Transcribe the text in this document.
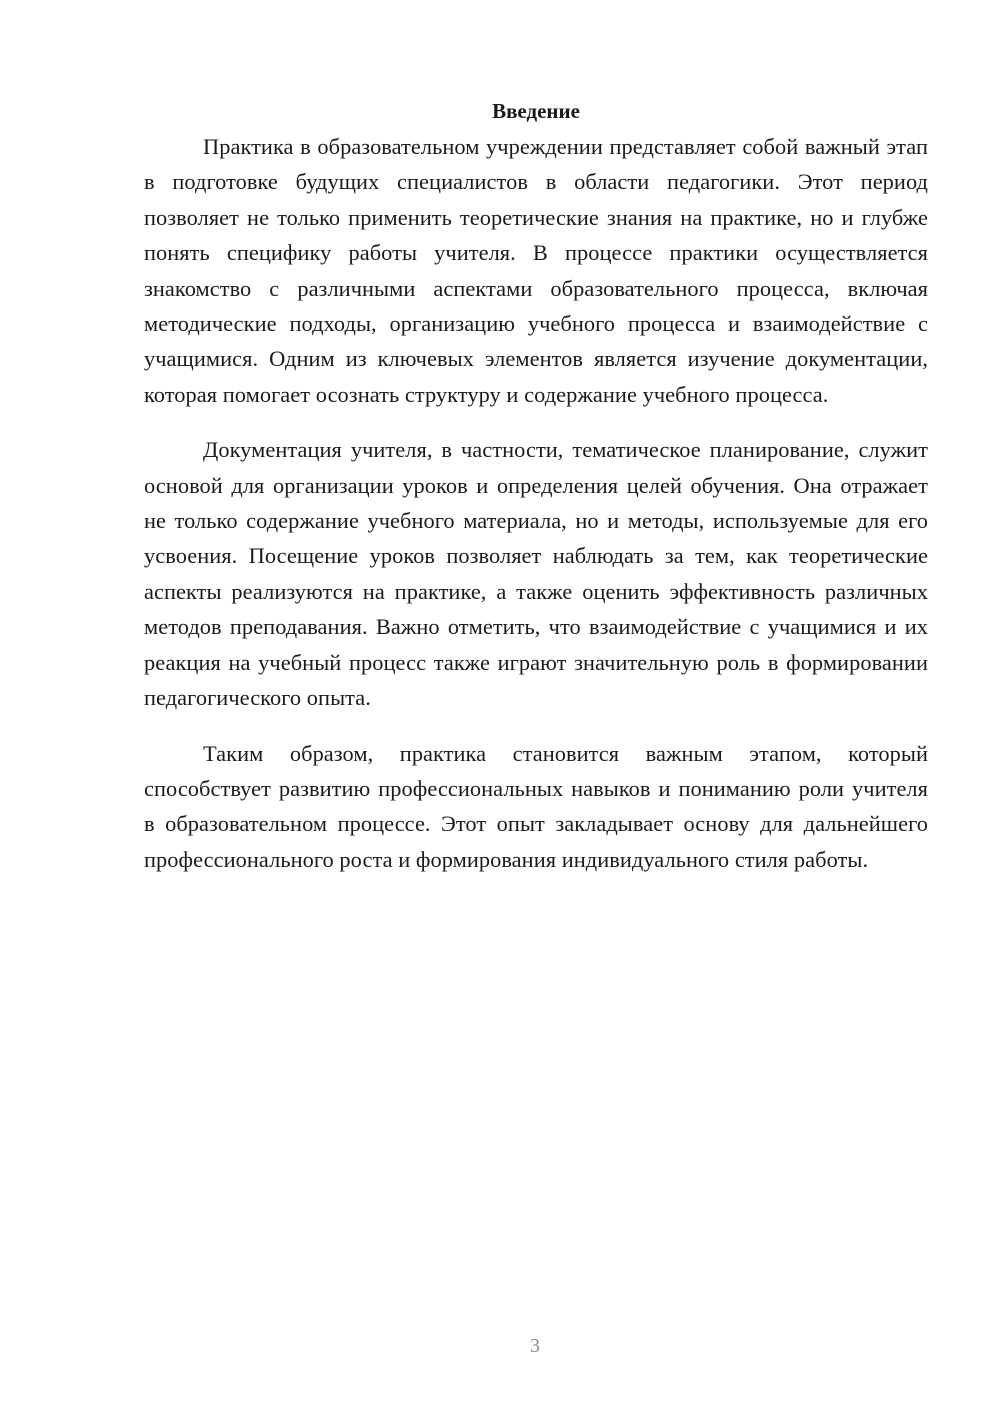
Введение

Практика в образовательном учреждении представляет собой важный этап в подготовке будущих специалистов в области педагогики. Этот период позволяет не только применить теоретические знания на практике, но и глубже понять специфику работы учителя. В процессе практики осуществляется знакомство с различными аспектами образовательного процесса, включая методические подходы, организацию учебного процесса и взаимодействие с учащимися. Одним из ключевых элементов является изучение документации, которая помогает осознать структуру и содержание учебного процесса.

Документация учителя, в частности, тематическое планирование, служит основой для организации уроков и определения целей обучения. Она отражает не только содержание учебного материала, но и методы, используемые для его усвоения. Посещение уроков позволяет наблюдать за тем, как теоретические аспекты реализуются на практике, а также оценить эффективность различных методов преподавания. Важно отметить, что взаимодействие с учащимися и их реакция на учебный процесс также играют значительную роль в формировании педагогического опыта.

Таким образом, практика становится важным этапом, который способствует развитию профессиональных навыков и пониманию роли учителя в образовательном процессе. Этот опыт закладывает основу для дальнейшего профессионального роста и формирования индивидуального стиля работы.

3
